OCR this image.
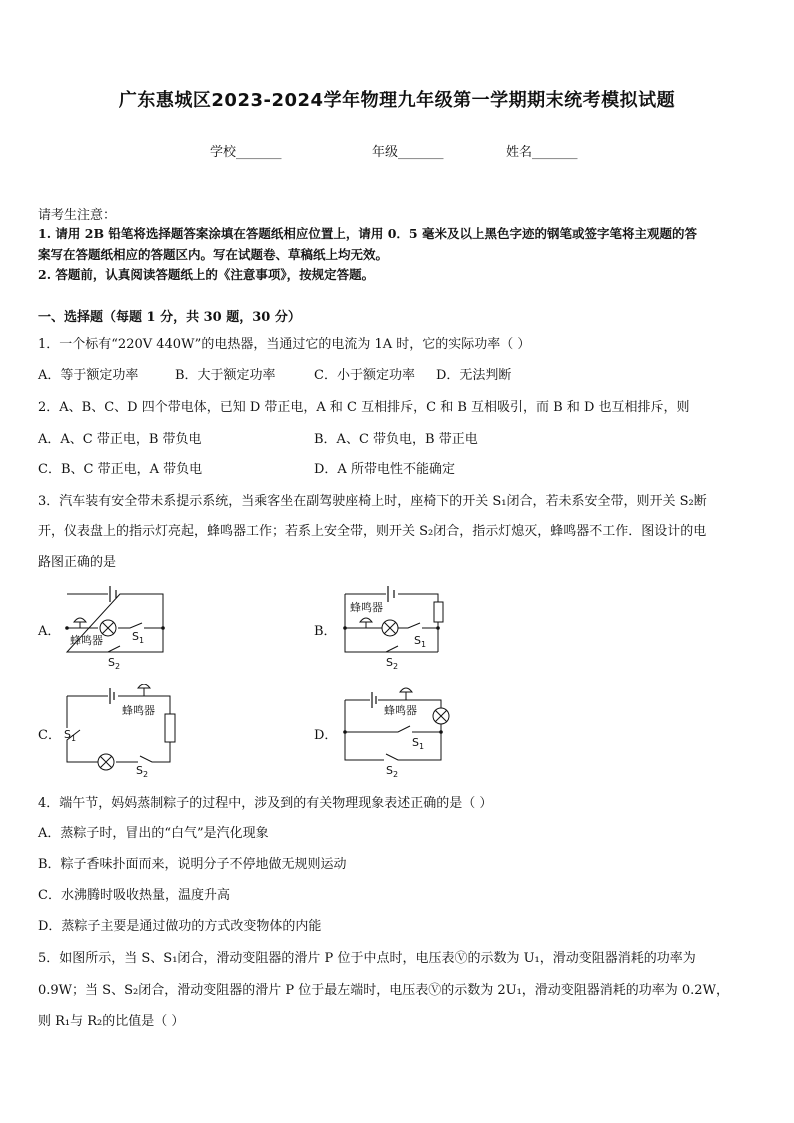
广东惠城区2023-2024学年物理九年级第一学期期末统考模拟试题
学校_______	年级_______	姓名_______
请考生注意：
1. 请用 2B 铅笔将选择题答案涂填在答题纸相应位置上，请用 0．5 毫米及以上黑色字迹的钢笔或签字笔将主观题的答
案写在答题纸相应的答题区内。写在试题卷、草稿纸上均无效。
2. 答题前，认真阅读答题纸上的《注意事项》，按规定答题。
一、选择题（每题 1 分，共 30 题，30 分）
1．一个标有“220V 440W”的电热器，当通过它的电流为 1A 时，它的实际功率（ ）
A．等于额定功率	B．大于额定功率	C．小于额定功率 D．无法判断
2．A、B、C、D 四个带电体，已知 D 带正电，A 和 C 互相排斥，C 和 B 互相吸引，而 B 和 D 也互相排斥，则
A．A、C 带正电，B 带负电	B．A、C 带负电，B 带正电
C．B、C 带正电，A 带负电	D．A 所带电性不能确定
3．汽车装有安全带未系提示系统，当乘客坐在副驾驶座椅上时，座椅下的开关 S₁闭合，若未系安全带，则开关 S₂断
开，仪表盘上的指示灯亮起，蜂鸣器工作；若系上安全带，则开关 S₂闭合，指示灯熄灭，蜂鸣器不工作．图设计的电
路图正确的是
A．	B．
C．	D．
蜂鸣器	$S_1$
$S_2$
蜂鸣器
$S_1$
$S_2$
蜂鸣器
$S_1$
$S_2$
蜂鸣器
$S_1$
$S_2$
4．端午节，妈妈蒸制粽子的过程中，涉及到的有关物理现象表述正确的是（ ）
A．蒸粽子时，冒出的“白气”是汽化现象
B．粽子香味扑面而来，说明分子不停地做无规则运动
C．水沸腾时吸收热量，温度升高
D．蒸粽子主要是通过做功的方式改变物体的内能
5．如图所示，当 S、S₁闭合，滑动变阻器的滑片 P 位于中点时，电压表Ⓥ的示数为 U₁，滑动变阻器消耗的功率为
0.9W；当 S、S₂闭合，滑动变阻器的滑片 P 位于最左端时，电压表Ⓥ的示数为 2U₁，滑动变阻器消耗的功率为 0.2W，
则 R₁与 R₂的比值是（ ）
